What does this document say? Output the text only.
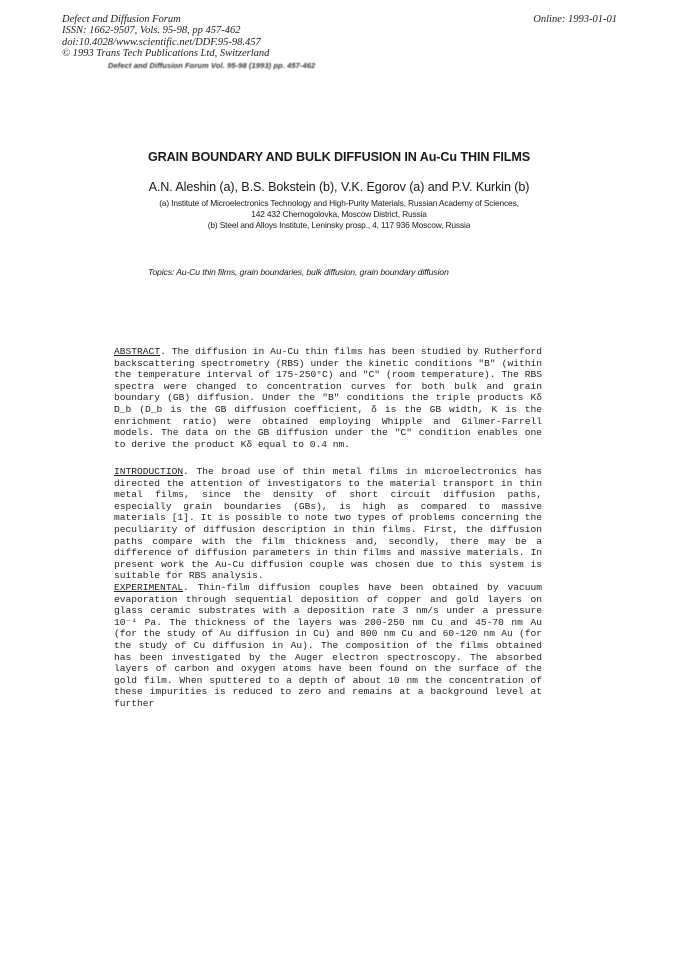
Defect and Diffusion Forum
ISSN: 1662-9507, Vols. 95-98, pp 457-462
doi:10.4028/www.scientific.net/DDF.95-98.457
© 1993 Trans Tech Publications Ltd, Switzerland
Online: 1993-01-01
Defect and Diffusion Forum Vol. 95-98 (1993) pp. 457-462
GRAIN BOUNDARY AND BULK DIFFUSION IN Au-Cu THIN FILMS
A.N. Aleshin (a), B.S. Bokstein (b), V.K. Egorov (a) and P.V. Kurkin (b)
(a) Institute of Microelectronics Technology and High-Purity Materials, Russian Academy of Sciences,
142 432 Chernogolovka, Moscow District, Russia
(b) Steel and Alloys Institute, Leninsky prosp., 4, 117 936 Moscow, Russia
Topics: Au-Cu thin films, grain boundaries, bulk diffusion, grain boundary diffusion

ABSTRACT. The diffusion in Au-Cu thin films has been studied by Rutherford backscattering spectrometry (RBS) under the kinetic conditions "B" (within the temperature interval of 175-250°C) and "C" (room temperature). The RBS spectra were changed to concentration curves for both bulk and grain boundary (GB) diffusion. Under the "B" conditions the triple products Kδ D_b (D_b is the GB diffusion coefficient, δ is the GB width, K is the enrichment ratio) were obtained employing Whipple and Gilmer-Farrell models. The data on the GB diffusion under the "C" condition enables one to derive the product Kδ equal to 0.4 nm.

INTRODUCTION. The broad use of thin metal films in microelectronics has directed the attention of investigators to the material transport in thin metal films, since the density of short circuit diffusion paths, especially grain boundaries (GBs), is high as compared to massive materials [1]. It is possible to note two types of problems concerning the peculiarity of diffusion description in thin films. First, the diffusion paths compare with the film thickness and, secondly, there may be a difference of diffusion parameters in thin films and massive materials. In present work the Au-Cu diffusion couple was chosen due to this system is suitable for RBS analysis.

EXPERIMENTAL. Thin-film diffusion couples have been obtained by vacuum evaporation through sequential deposition of copper and gold layers on glass ceramic substrates with a deposition rate 3 nm/s under a pressure 10⁻⁴ Pa. The thickness of the layers was 200-250 nm Cu and 45-70 nm Au (for the study of Au diffusion in Cu) and 800 nm Cu and 60-120 nm Au (for the study of Cu diffusion in Au). The composition of the films obtained has been investigated by the Auger electron spectroscopy. The absorbed layers of carbon and oxygen atoms have been found on the surface of the gold film. When sputtered to a depth of about 10 nm the concentration of these impurities is reduced to zero and remains at a background level at further
